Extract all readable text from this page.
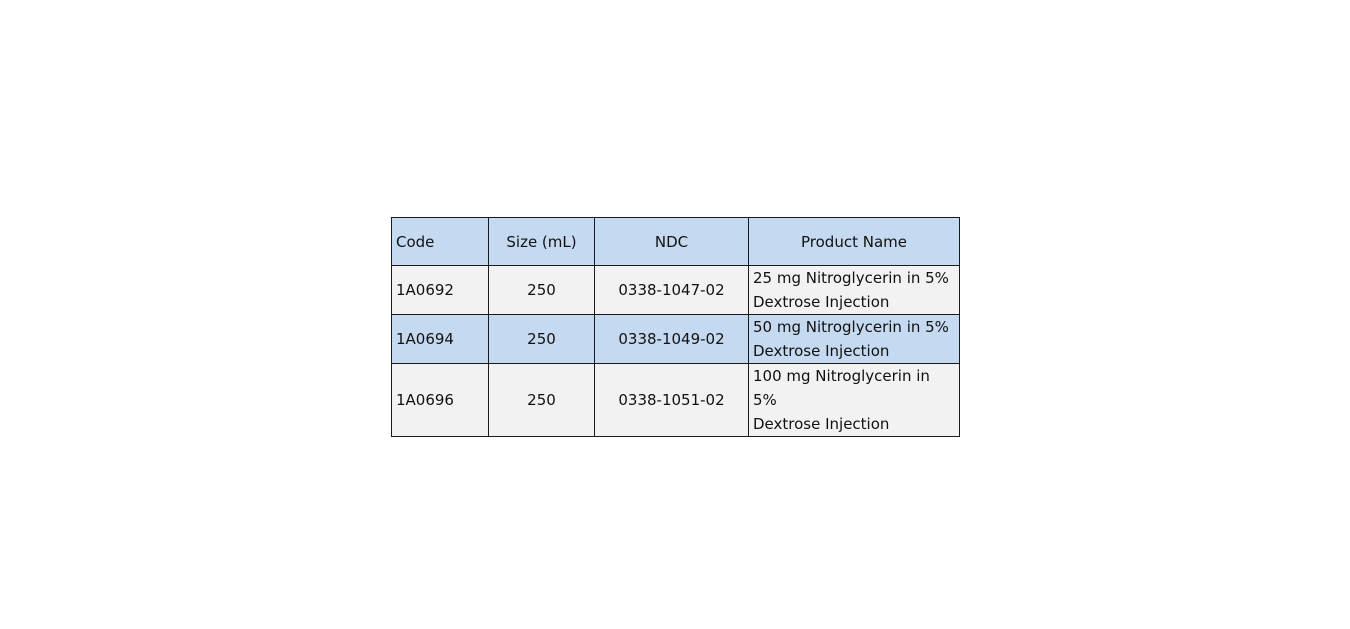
Code	Size (mL)	NDC	Product Name
1A0692	250	0338-1047-02	25 mg Nitroglycerin in 5%
Dextrose Injection

1A0694	250	0338-1049-02	50 mg Nitroglycerin in 5%
Dextrose Injection

1A0696	250	0338-1051-02	100 mg Nitroglycerin in 5%
Dextrose Injection
